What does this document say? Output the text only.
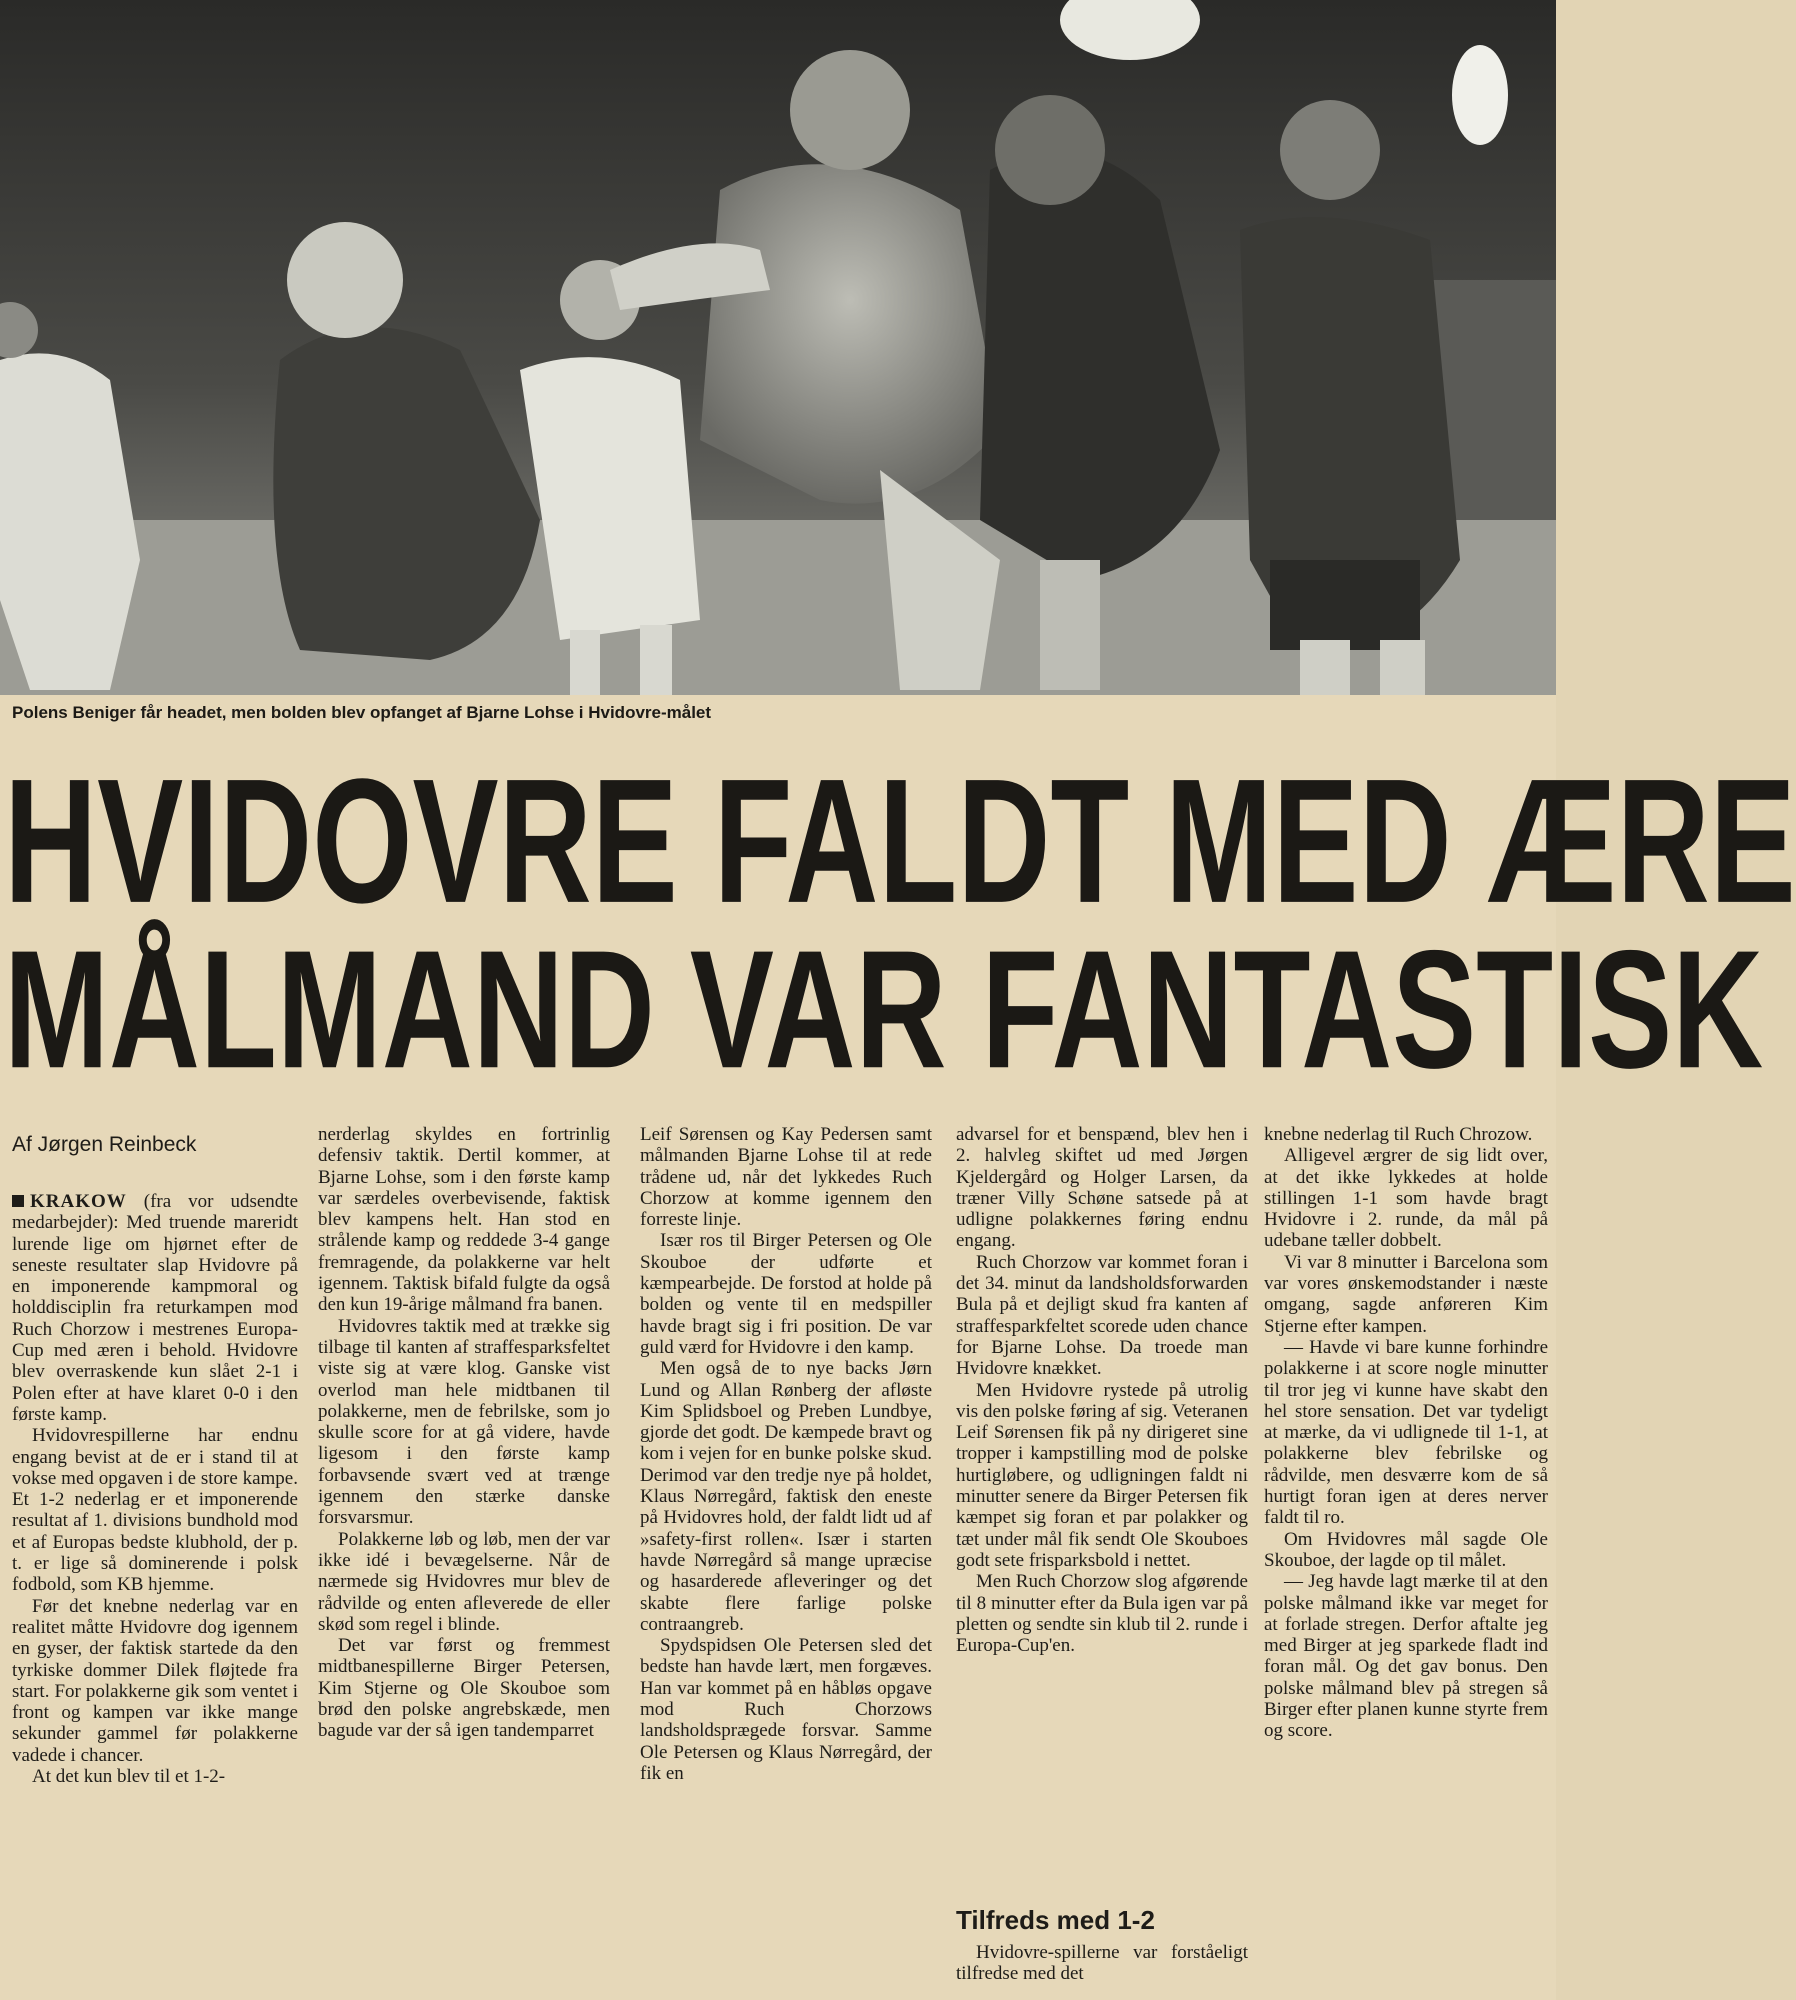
Polens Beniger får headet, men bolden blev opfanget af Bjarne Lohse i Hvidovre-målet
HVIDOVRE FALDT MED ÆRE
MÅLMAND VAR FANTASTISK
Af Jørgen Reinbeck

KRAKOW (fra vor udsendte medarbejder): Med truende mareridt lurende lige om hjørnet efter de seneste resultater slap Hvidovre på en imponerende kampmoral og holddisciplin fra returkampen mod Ruch Chorzow i mestrenes Europa-Cup med æren i behold. Hvidovre blev overraskende kun slået 2-1 i Polen efter at have klaret 0-0 i den første kamp.

Hvidovrespillerne har endnu engang bevist at de er i stand til at vokse med opgaven i de store kampe. Et 1-2 nederlag er et imponerende resultat af 1. divisions bundhold mod et af Europas bedste klubhold, der p. t. er lige så dominerende i polsk fodbold, som KB hjemme.

Før det knebne nederlag var en realitet måtte Hvidovre dog igennem en gyser, der faktisk startede da den tyrkiske dommer Dilek fløjtede fra start. For polakkerne gik som ventet i front og kampen var ikke mange sekunder gammel før polakkerne vadede i chancer.

At det kun blev til et 1-2-

nerderlag skyldes en fortrinlig defensiv taktik. Dertil kommer, at Bjarne Lohse, som i den første kamp var særdeles overbevisende, faktisk blev kampens helt. Han stod en strålende kamp og reddede 3-4 gange fremragende, da polakkerne var helt igennem. Taktisk bifald fulgte da også den kun 19-årige målmand fra banen.

Hvidovres taktik med at trække sig tilbage til kanten af straffesparksfeltet viste sig at være klog. Ganske vist overlod man hele midtbanen til polakkerne, men de febrilske, som jo skulle score for at gå videre, havde ligesom i den første kamp forbavsende svært ved at trænge igennem den stærke danske forsvarsmur.

Polakkerne løb og løb, men der var ikke idé i bevægelserne. Når de nærmede sig Hvidovres mur blev de rådvilde og enten afleverede de eller skød som regel i blinde.

Det var først og fremmest midtbanespillerne Birger Petersen, Kim Stjerne og Ole Skouboe som brød den polske angrebskæde, men bagude var der så igen tandemparret

Leif Sørensen og Kay Pedersen samt målmanden Bjarne Lohse til at rede trådene ud, når det lykkedes Ruch Chorzow at komme igennem den forreste linje.

Især ros til Birger Petersen og Ole Skouboe der udførte et kæmpearbejde. De forstod at holde på bolden og vente til en medspiller havde bragt sig i fri position. De var guld værd for Hvidovre i den kamp.

Men også de to nye backs Jørn Lund og Allan Rønberg der afløste Kim Splidsboel og Preben Lundbye, gjorde det godt. De kæmpede bravt og kom i vejen for en bunke polske skud. Derimod var den tredje nye på holdet, Klaus Nørregård, faktisk den eneste på Hvidovres hold, der faldt lidt ud af »safety-first rollen«. Især i starten havde Nørregård så mange upræcise og hasarderede afleveringer og det skabte flere farlige polske contraangreb.

Spydspidsen Ole Petersen sled det bedste han havde lært, men forgæves. Han var kommet på en håbløs opgave mod Ruch Chorzows landsholdsprægede forsvar. Samme Ole Petersen og Klaus Nørregård, der fik en

advarsel for et benspænd, blev hen i 2. halvleg skiftet ud med Jørgen Kjeldergård og Holger Larsen, da træner Villy Schøne satsede på at udligne polakkernes føring endnu engang.

Ruch Chorzow var kommet foran i det 34. minut da landsholdsforwarden Bula på et dejligt skud fra kanten af straffesparkfeltet scorede uden chance for Bjarne Lohse. Da troede man Hvidovre knækket.

Men Hvidovre rystede på utrolig vis den polske føring af sig. Veteranen Leif Sørensen fik på ny dirigeret sine tropper i kampstilling mod de polske hurtigløbere, og udligningen faldt ni minutter senere da Birger Petersen fik kæmpet sig foran et par polakker og tæt under mål fik sendt Ole Skouboes godt sete frisparksbold i nettet.

Men Ruch Chorzow slog afgørende til 8 minutter efter da Bula igen var på pletten og sendte sin klub til 2. runde i Europa-Cup'en.

Tilfreds med 1-2

Hvidovre-spillerne var forståeligt tilfredse med det

knebne nederlag til Ruch Chrozow.

Alligevel ærgrer de sig lidt over, at det ikke lykkedes at holde stillingen 1-1 som havde bragt Hvidovre i 2. runde, da mål på udebane tæller dobbelt.

Vi var 8 minutter i Barcelona som var vores ønskemodstander i næste omgang, sagde anføreren Kim Stjerne efter kampen.

— Havde vi bare kunne forhindre polakkerne i at score nogle minutter til tror jeg vi kunne have skabt den hel store sensation. Det var tydeligt at mærke, da vi udlignede til 1-1, at polakkerne blev febrilske og rådvilde, men desværre kom de så hurtigt foran igen at deres nerver faldt til ro.

Om Hvidovres mål sagde Ole Skouboe, der lagde op til målet.

— Jeg havde lagt mærke til at den polske målmand ikke var meget for at forlade stregen. Derfor aftalte jeg med Birger at jeg sparkede fladt ind foran mål. Og det gav bonus. Den polske målmand blev på stregen så Birger efter planen kunne styrte frem og score.
